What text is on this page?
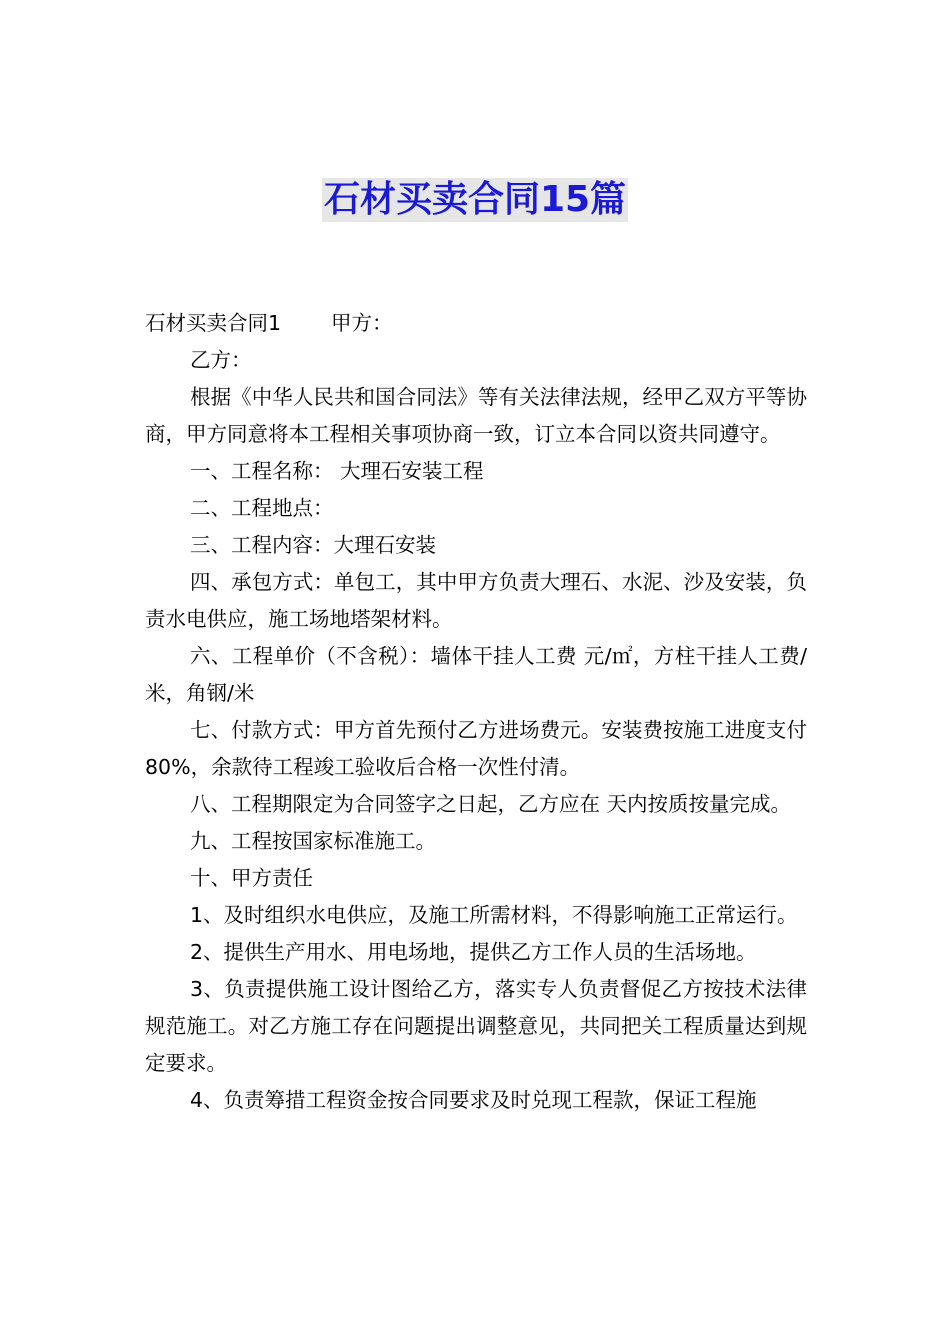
石材买卖合同15篇

石材买卖合同1 甲方：

乙方：

根据《中华人民共和国合同法》等有关法律法规，经甲乙双方平等协商，甲方同意将本工程相关事项协商一致，订立本合同以资共同遵守。

一、工程名称： 大理石安装工程

二、工程地点：

三、工程内容：大理石安装

四、承包方式：单包工，其中甲方负责大理石、水泥、沙及安装，负责水电供应，施工场地塔架材料。

六、工程单价（不含税）：墙体干挂人工费 元/㎡，方柱干挂人工费/米，角钢/米

七、付款方式：甲方首先预付乙方进场费元。安装费按施工进度支付80%，余款待工程竣工验收后合格一次性付清。

八、工程期限定为合同签字之日起，乙方应在 天内按质按量完成。

九、工程按国家标准施工。

十、甲方责任

1、及时组织水电供应，及施工所需材料，不得影响施工正常运行。

2、提供生产用水、用电场地，提供乙方工作人员的生活场地。

3、负责提供施工设计图给乙方，落实专人负责督促乙方按技术法律规范施工。对乙方施工存在问题提出调整意见，共同把关工程质量达到规定要求。

4、负责筹措工程资金按合同要求及时兑现工程款，保证工程施
